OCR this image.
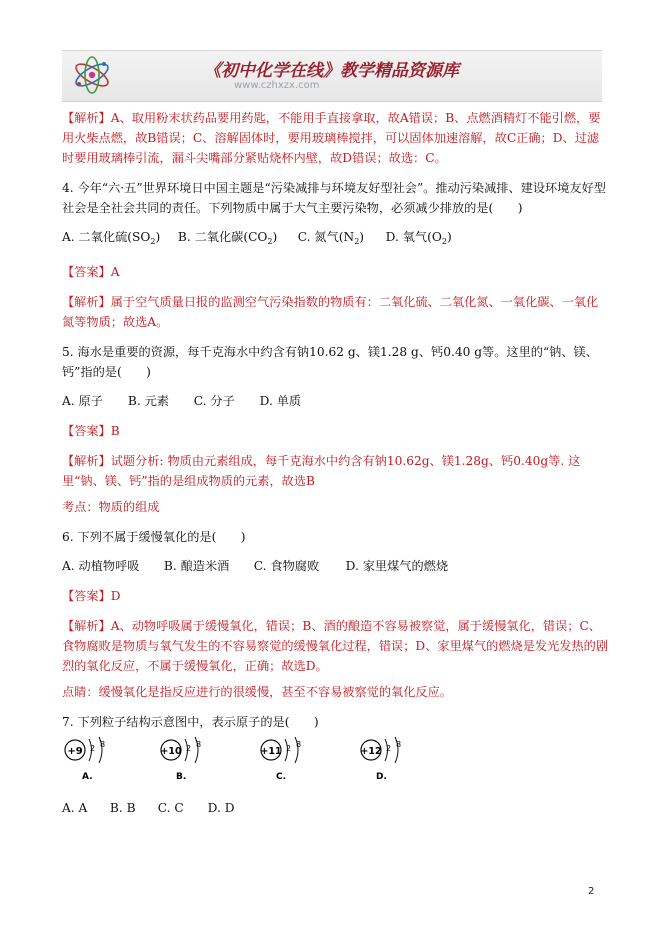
《初中化学在线》教学精品资源库
www.czhxzx.com

【解析】A、取用粉末状药品要用药匙，不能用手直接拿取，故A错误；B、点燃酒精灯不能引燃，要用火柴点燃，故B错误；C、溶解固体时，要用玻璃棒搅拌，可以固体加速溶解，故C正确；D、过滤时要用玻璃棒引流，漏斗尖嘴部分紧贴烧杯内壁，故D错误；故选：C。

4. 今年“六·五”世界环境日中国主题是“污染减排与环境友好型社会”。推动污染减排、建设环境友好型社会是全社会共同的责任。下列物质中属于大气主要污染物，必须减少排放的是(　　)

A. 二氧化硫(SO2) B. 二氧化碳(CO2) C. 氮气(N2) D. 氧气(O2)

【答案】A

【解析】属于空气质量日报的监测空气污染指数的物质有：二氧化硫、二氧化氮、一氧化碳、一氧化氮等物质；故选A。

5. 海水是重要的资源，每千克海水中约含有钠10.62 g、镁1.28 g、钙0.40 g等。这里的“钠、镁、钙”指的是(　　)

A. 原子 B. 元素 C. 分子 D. 单质

【答案】B

【解析】试题分析: 物质由元素组成，每千克海水中约含有钠10.62g、镁1.28g、钙0.40g等. 这里“钠、镁、钙”指的是组成物质的元素，故选B

考点：物质的组成

6. 下列不属于缓慢氧化的是(　　)

A. 动植物呼吸 B. 酿造米酒 C. 食物腐败 D. 家里煤气的燃烧

【答案】D

【解析】A、动物呼吸属于缓慢氧化，错误；B、酒的酿造不容易被察觉，属于缓慢氧化，错误；C、食物腐败是物质与氧气发生的不容易察觉的缓慢氧化过程，错误；D、家里煤气的燃烧是发光发热的剧烈的氧化反应，不属于缓慢氧化，正确；故选D。

点睛：缓慢氧化是指反应进行的很缓慢，甚至不容易被察觉的氧化反应。

7. 下列粒子结构示意图中，表示原子的是(　　)

+9 2 8
A.
+10 2 8
B.
+11 2 8
C.
+12 2 8
D.

A. A B. B C. C D. D

2
